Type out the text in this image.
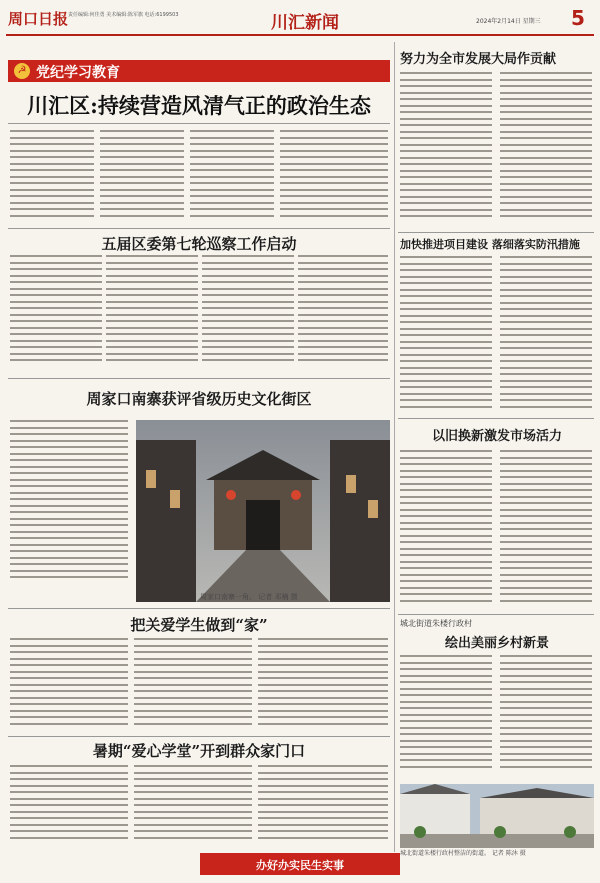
周口日报 责任编辑:何佳勇 美术编辑:陈军旗 电话:6199503	川汇新闻	2024年2月14日 星期三 5
☭ 党纪学习教育
川汇区:持续营造风清气正的政治生态
五届区委第七轮巡察工作启动
周家口南寨获评省级历史文化街区
周家口南寨一角。 记者 邓楠 摄
把关爱学生做到“家”
暑期“爱心学堂”开到群众家门口
努力为全市发展大局作贡献
加快推进项目建设 落细落实防汛措施
以旧换新激发市场活力
城北街道朱楼行政村
绘出美丽乡村新景
城北街道朱楼行政村整洁的街道。 记者 陈沐 摄
办好办实民生实事
